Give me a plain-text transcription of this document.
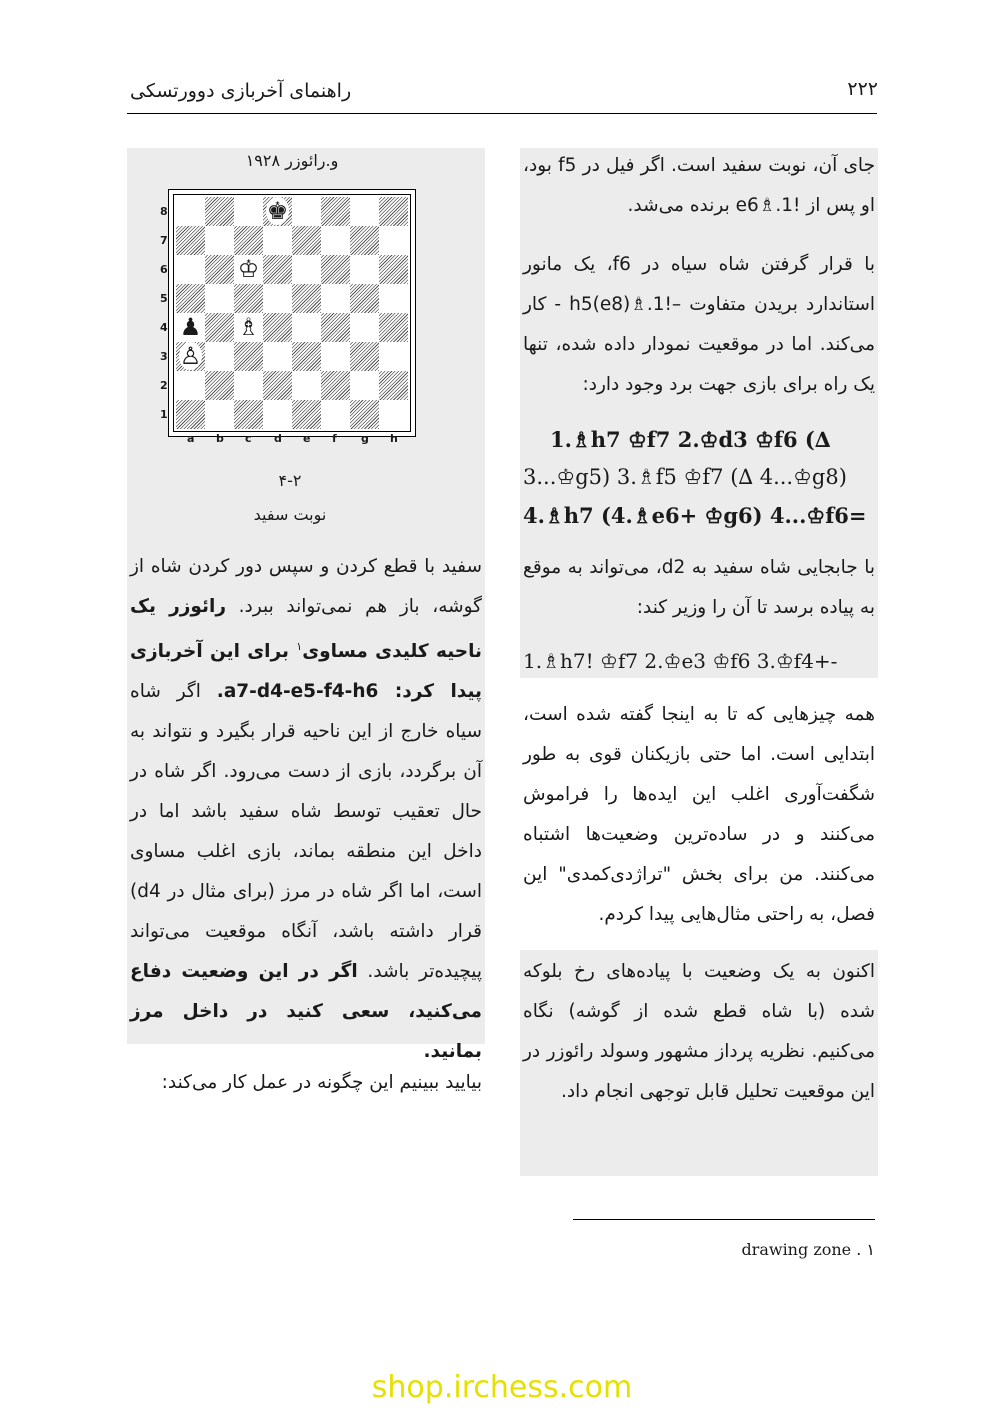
راهنمای آخربازی دوورتسکی	۲۲۲
جای آن، نوبت سفید است. اگر فیل در f5 بود، او پس از !1.♗e6 برنده می‌شد.
با قرار گرفتن شاه سیاه در f6، یک مانور استاندارد بریدن متفاوت –!1.♗h5(e8) - کار می‌کند. اما در موقعیت نمودار داده شده، تنها یک راه برای بازی جهت برد وجود دارد:
1.♗h7 ♔f7 2.♔d3 ♔f6 (∆
3...♔g5) 3.♗f5 ♔f7 (∆ 4...♔g8)
4.♗h7 (4.♗e6+ ♔g6) 4...♔f6=
با جابجایی شاه سفید به d2، می‌تواند به موقع به پیاده برسد تا آن را وزیر کند:
1.♗h7! ♔f7 2.♔e3 ♔f6 3.♔f4+-
همه چیزهایی که تا به اینجا گفته شده است، ابتدایی است. اما حتی بازیکنان قوی به طور شگفت‌آوری اغلب این ایده‌ها را فراموش می‌کنند و در ساده‌ترین وضعیت‌ها اشتباه می‌کنند. من برای بخش "تراژدی‌کمدی" این فصل، به راحتی مثال‌هایی پیدا کردم.
اکنون به یک وضعیت با پیاده‌های رخ بلوکه شده (با شاه قطع شده از گوشه) نگاه می‌کنیم. نظریه پرداز مشهور وسولد رائوزر در این موقعیت تحلیل قابل توجهی انجام داد.
و.رائوزر ۱۹۲۸
♚
♔
♟ ♗
♙
8
7
6
5
4
3
2
1
a b c d e f g h
۴-۲
نوبت سفید
سفید با قطع کردن و سپس دور کردن شاه از گوشه، باز هم نمی‌تواند ببرد. رائوزر یک ناحیه کلیدی مساوی$^۱$ برای این آخربازی پیدا کرد: a7-d4-e5-f4-h6. اگر شاه سیاه خارج از این ناحیه قرار بگیرد و نتواند به آن برگردد، بازی از دست می‌رود. اگر شاه در حال تعقیب توسط شاه سفید باشد اما در داخل این منطقه بماند، بازی اغلب مساوی است، اما اگر شاه در مرز (برای مثال در d4) قرار داشته باشد، آنگاه موقعیت می‌تواند پیچیده‌تر باشد. اگر در این وضعیت دفاع می‌کنید، سعی کنید در داخل مرز بمانید.
بیایید ببینیم این چگونه در عمل کار می‌کند:
drawing zone . ۱
shop.irchess.com
